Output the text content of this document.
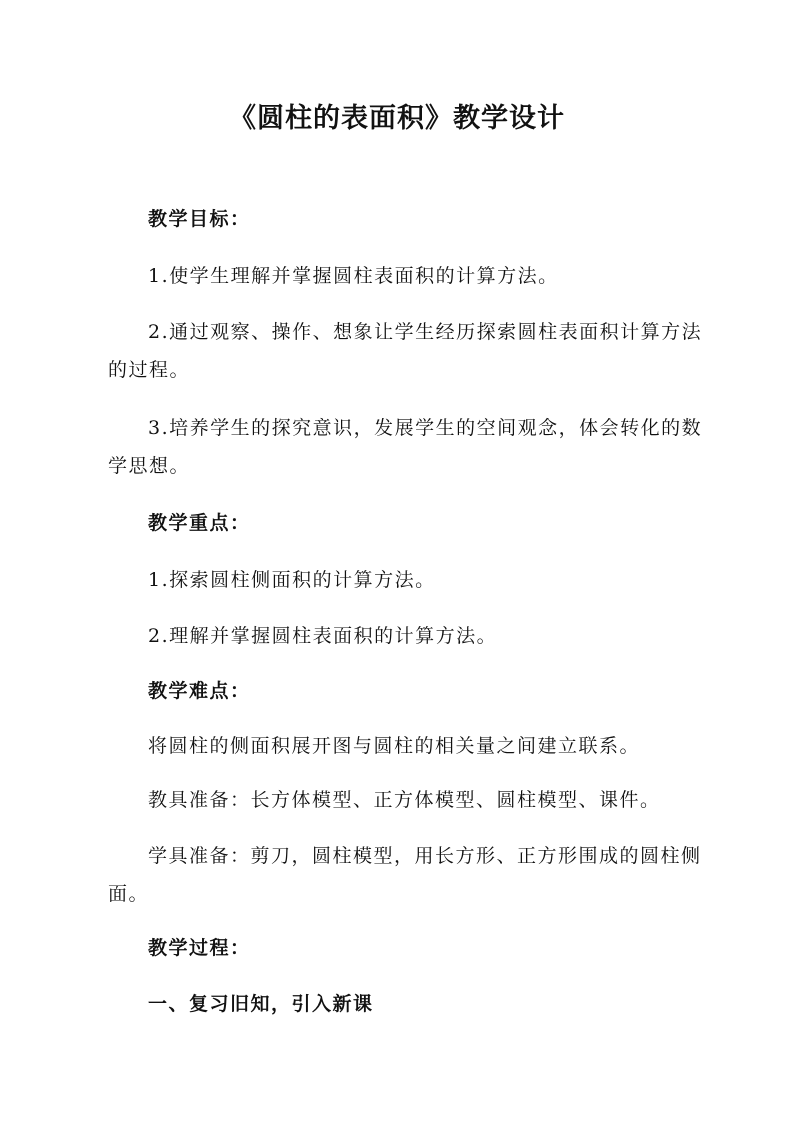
《圆柱的表面积》教学设计
教学目标：
1.使学生理解并掌握圆柱表面积的计算方法。
2.通过观察、操作、想象让学生经历探索圆柱表面积计算方法的过程。
3.培养学生的探究意识，发展学生的空间观念，体会转化的数学思想。
教学重点：
1.探索圆柱侧面积的计算方法。
2.理解并掌握圆柱表面积的计算方法。
教学难点：
将圆柱的侧面积展开图与圆柱的相关量之间建立联系。
教具准备：长方体模型、正方体模型、圆柱模型、课件。
学具准备：剪刀，圆柱模型，用长方形、正方形围成的圆柱侧面。
教学过程：
一、复习旧知，引入新课
